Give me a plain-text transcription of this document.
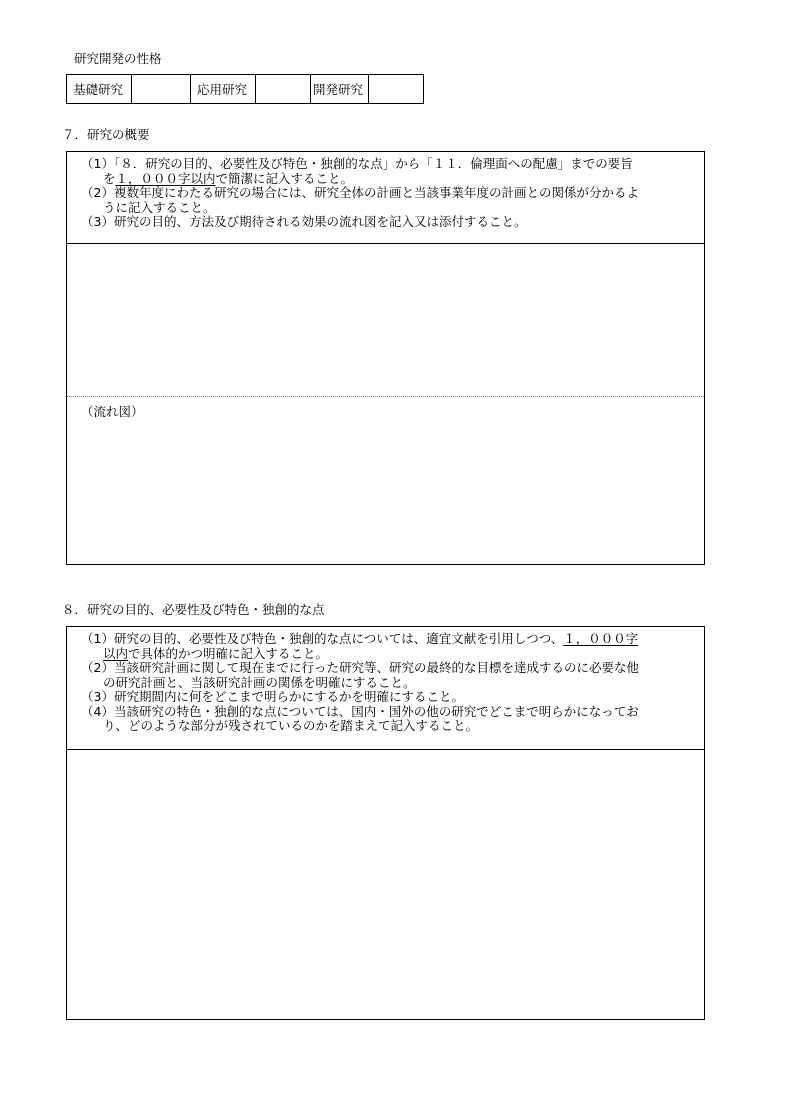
研究開発の性格
基礎研究		応用研究		開発研究	
７．研究の概要
（1）「８．研究の目的、必要性及び特色・独創的な点」から「１１．倫理面への配慮」までの要旨
を１，０００字以内で簡潔に記入すること。
（2）複数年度にわたる研究の場合には、研究全体の計画と当該事業年度の計画との関係が分かるよ
うに記入すること。
（3）研究の目的、方法及び期待される効果の流れ図を記入又は添付すること。
（流れ図）
８．研究の目的、必要性及び特色・独創的な点
（1）研究の目的、必要性及び特色・独創的な点については、適宜文献を引用しつつ、１，０００字
以内で具体的かつ明確に記入すること。
（2）当該研究計画に関して現在までに行った研究等、研究の最終的な目標を達成するのに必要な他
の研究計画と、当該研究計画の関係を明確にすること。
（3）研究期間内に何をどこまで明らかにするかを明確にすること。
（4）当該研究の特色・独創的な点については、国内・国外の他の研究でどこまで明らかになってお
り、どのような部分が残されているのかを踏まえて記入すること。
